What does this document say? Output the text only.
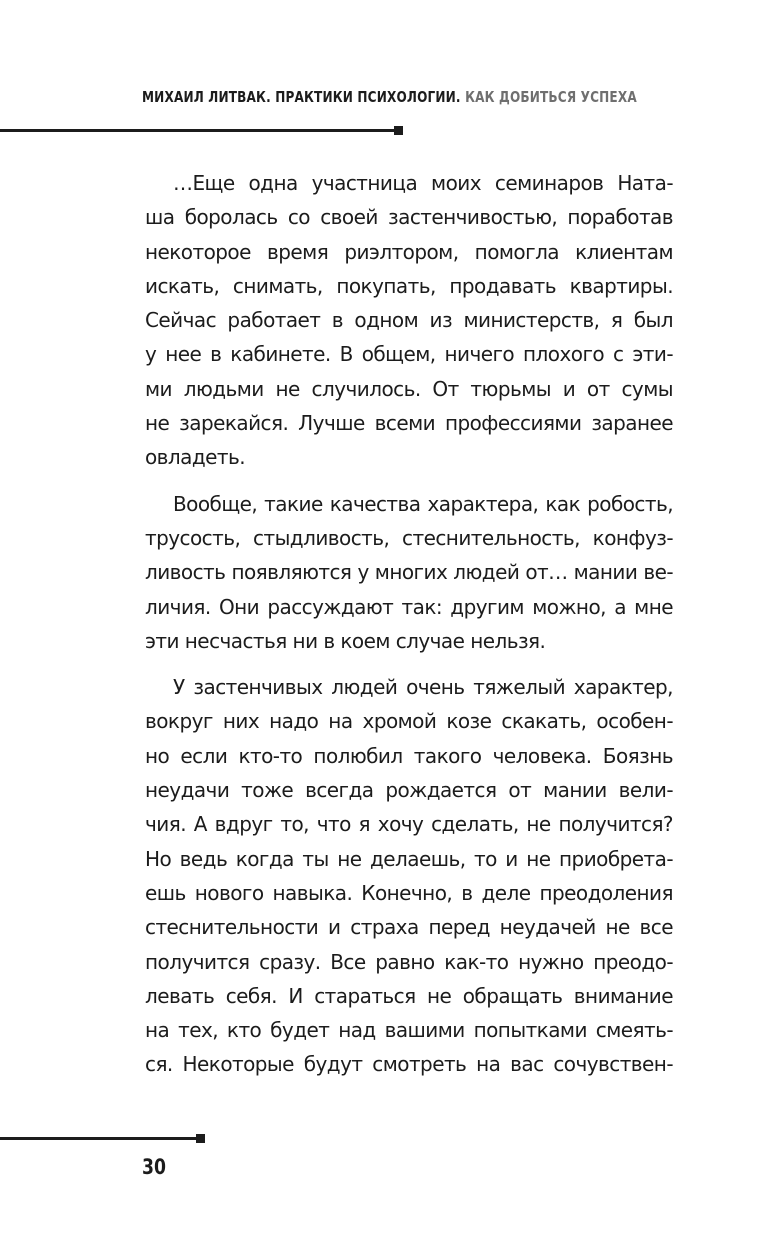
МИХАИЛ ЛИТВАК. ПРАКТИКИ ПСИХОЛОГИИ. КАК ДОБИТЬСЯ УСПЕХА
…Еще одна участница моих семинаров Ната-
ша боролась со своей застенчивостью, поработав
некоторое время риэлтором, помогла клиентам
искать, снимать, покупать, продавать квартиры.
Сейчас работает в одном из министерств, я был
у нее в кабинете. В общем, ничего плохого с эти-
ми людьми не случилось. От тюрьмы и от сумы
не зарекайся. Лучше всеми профессиями заранее
овладеть.
Вообще, такие качества характера, как робость,
трусость, стыдливость, стеснительность, конфуз-
ливость появляются у многих людей от… мании ве-
личия. Они рассуждают так: другим можно, а мне
эти несчастья ни в коем случае нельзя.
У застенчивых людей очень тяжелый характер,
вокруг них надо на хромой козе скакать, особен-
но если кто-то полюбил такого человека. Боязнь
неудачи тоже всегда рождается от мании вели-
чия. А вдруг то, что я хочу сделать, не получится?
Но ведь когда ты не делаешь, то и не приобрета-
ешь нового навыка. Конечно, в деле преодоления
стеснительности и страха перед неудачей не все
получится сразу. Все равно как-то нужно преодо-
левать себя. И стараться не обращать внимание
на тех, кто будет над вашими попытками смеять-
ся. Некоторые будут смотреть на вас сочувствен-
30
